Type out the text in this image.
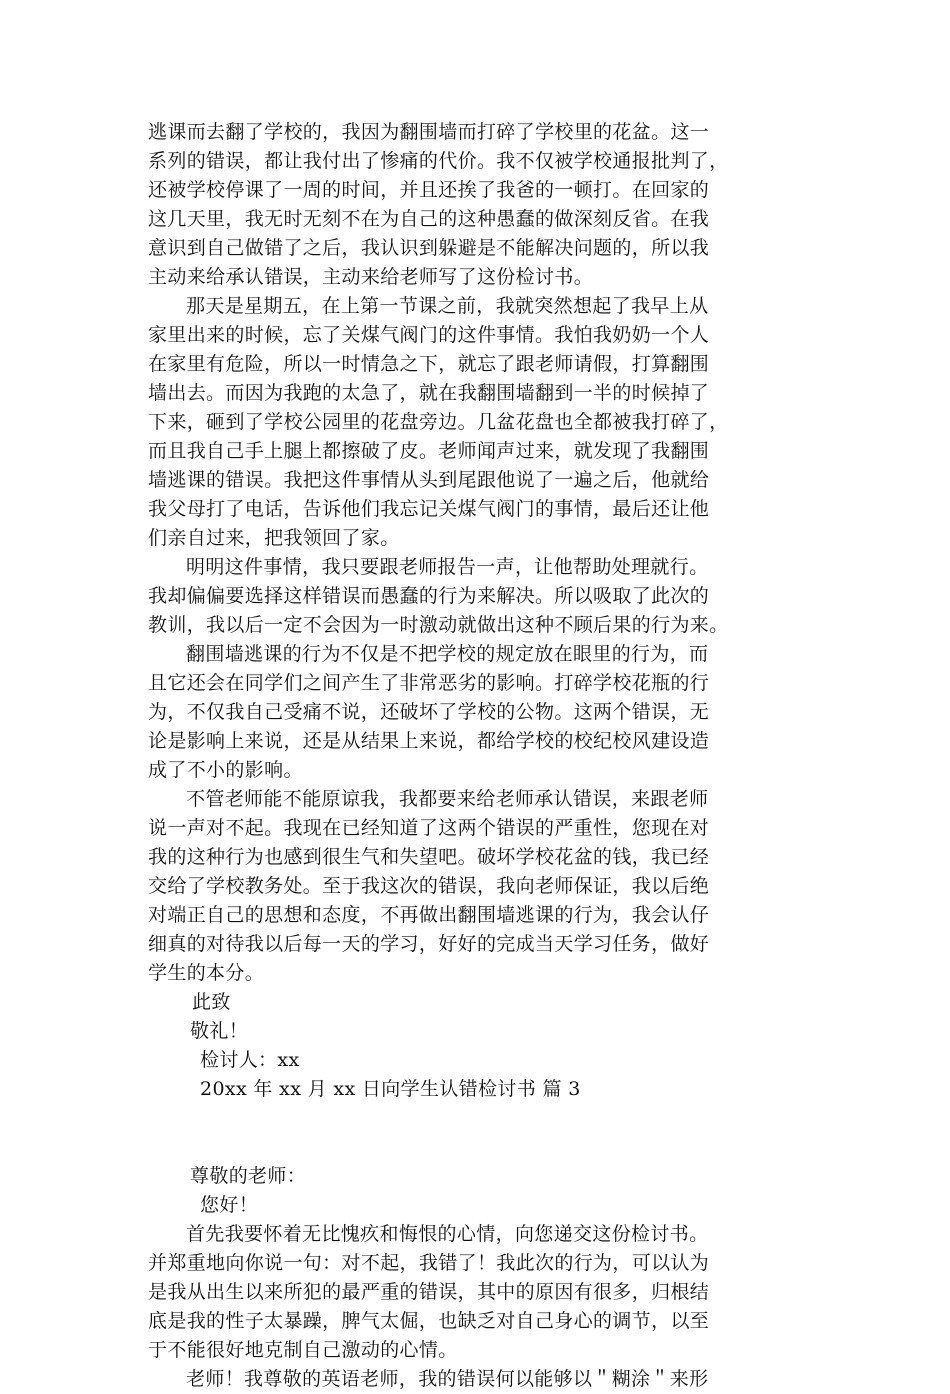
逃课而去翻了学校的，我因为翻围墙而打碎了学校里的花盆。这一
系列的错误，都让我付出了惨痛的代价。我不仅被学校通报批判了，
还被学校停课了一周的时间，并且还挨了我爸的一顿打。在回家的
这几天里，我无时无刻不在为自己的这种愚蠢的做深刻反省。在我
意识到自己做错了之后，我认识到躲避是不能解决问题的，所以我
主动来给承认错误，主动来给老师写了这份检讨书。
那天是星期五，在上第一节课之前，我就突然想起了我早上从
家里出来的时候，忘了关煤气阀门的这件事情。我怕我奶奶一个人
在家里有危险，所以一时情急之下，就忘了跟老师请假，打算翻围
墙出去。而因为我跑的太急了，就在我翻围墙翻到一半的时候掉了
下来，砸到了学校公园里的花盘旁边。几盆花盘也全都被我打碎了，
而且我自己手上腿上都擦破了皮。老师闻声过来，就发现了我翻围
墙逃课的错误。我把这件事情从头到尾跟他说了一遍之后，他就给
我父母打了电话，告诉他们我忘记关煤气阀门的事情，最后还让他
们亲自过来，把我领回了家。
明明这件事情，我只要跟老师报告一声，让他帮助处理就行。
我却偏偏要选择这样错误而愚蠢的行为来解决。所以吸取了此次的
教训，我以后一定不会因为一时激动就做出这种不顾后果的行为来。
翻围墙逃课的行为不仅是不把学校的规定放在眼里的行为，而
且它还会在同学们之间产生了非常恶劣的影响。打碎学校花瓶的行
为，不仅我自己受痛不说，还破坏了学校的公物。这两个错误，无
论是影响上来说，还是从结果上来说，都给学校的校纪校风建设造
成了不小的影响。
不管老师能不能原谅我，我都要来给老师承认错误，来跟老师
说一声对不起。我现在已经知道了这两个错误的严重性，您现在对
我的这种行为也感到很生气和失望吧。破坏学校花盆的钱，我已经
交给了学校教务处。至于我这次的错误，我向老师保证，我以后绝
对端正自己的思想和态度，不再做出翻围墙逃课的行为，我会认仔
细真的对待我以后每一天的学习，好好的完成当天学习任务，做好
学生的本分。
此致
敬礼！
检讨人：xx
20xx 年 xx 月 xx 日向学生认错检讨书 篇 3
尊敬的老师：
您好！
首先我要怀着无比愧疚和悔恨的心情，向您递交这份检讨书。
并郑重地向你说一句：对不起，我错了！我此次的行为，可以认为
是我从出生以来所犯的最严重的错误，其中的原因有很多，归根结
底是我的性子太暴躁，脾气太倔，也缺乏对自己身心的调节，以至
于不能很好地克制自己激动的心情。
老师！我尊敬的英语老师，我的错误何以能够以＂糊涂＂来形
